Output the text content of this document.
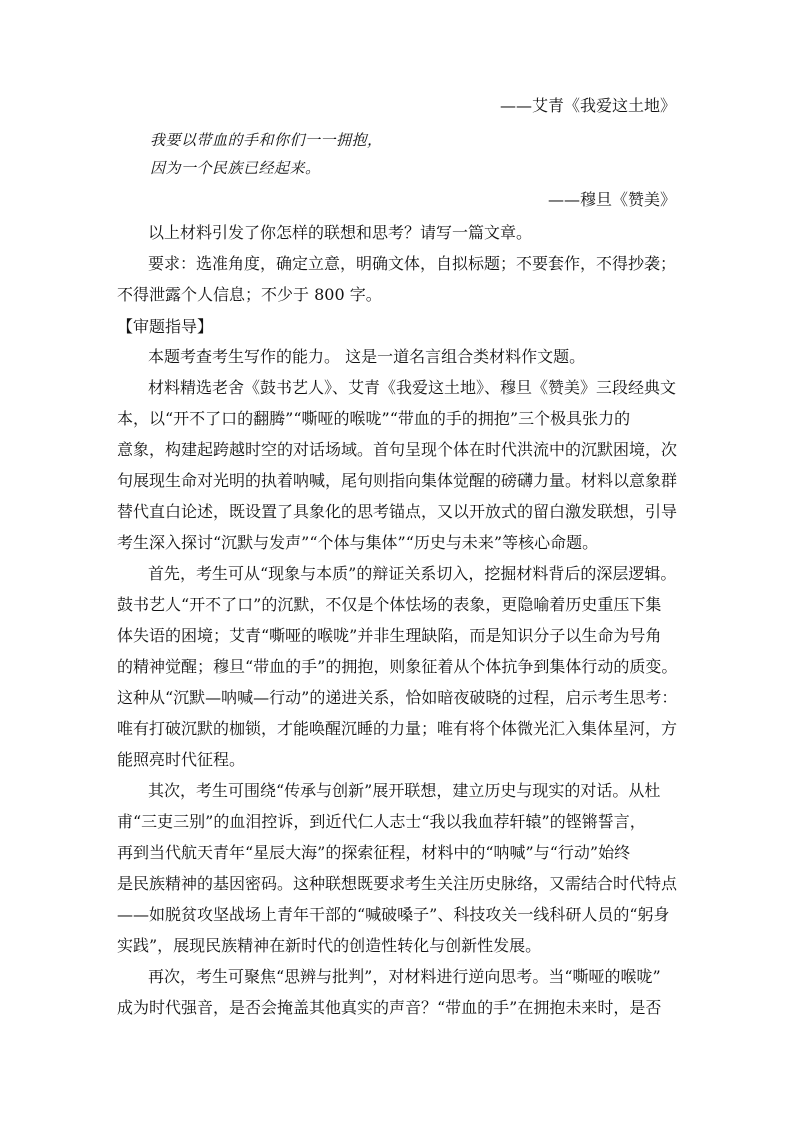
——艾青《我爱这土地》
我要以带血的手和你们一一拥抱，
因为一个民族已经起来。
——穆旦《赞美》
以上材料引发了你怎样的联想和思考？请写一篇文章。
要求：选准角度，确定立意，明确文体，自拟标题；不要套作，不得抄袭；
不得泄露个人信息；不少于 800 字。
【审题指导】
本题考查考生写作的能力。 这是一道名言组合类材料作文题。
材料精选老舍《鼓书艺人》、艾青《我爱这土地》、穆旦《赞美》三段经典文
本，以“开不了口的翻腾”“嘶哑的喉咙”“带血的手的拥抱”三个极具张力的
意象，构建起跨越时空的对话场域。首句呈现个体在时代洪流中的沉默困境，次
句展现生命对光明的执着呐喊，尾句则指向集体觉醒的磅礴力量。材料以意象群
替代直白论述，既设置了具象化的思考锚点，又以开放式的留白激发联想，引导
考生深入探讨“沉默与发声”“个体与集体”“历史与未来”等核心命题。
首先，考生可从“现象与本质”的辩证关系切入，挖掘材料背后的深层逻辑。
鼓书艺人“开不了口”的沉默，不仅是个体怯场的表象，更隐喻着历史重压下集
体失语的困境；艾青“嘶哑的喉咙”并非生理缺陷，而是知识分子以生命为号角
的精神觉醒；穆旦“带血的手”的拥抱，则象征着从个体抗争到集体行动的质变。
这种从“沉默—呐喊—行动”的递进关系，恰如暗夜破晓的过程，启示考生思考：
唯有打破沉默的枷锁，才能唤醒沉睡的力量；唯有将个体微光汇入集体星河，方
能照亮时代征程。
其次，考生可围绕“传承与创新”展开联想，建立历史与现实的对话。从杜
甫“三吏三别”的血泪控诉，到近代仁人志士“我以我血荐轩辕”的铿锵誓言，
再到当代航天青年“星辰大海”的探索征程，材料中的“呐喊”与“行动”始终
是民族精神的基因密码。这种联想既要求考生关注历史脉络，又需结合时代特点
——如脱贫攻坚战场上青年干部的“喊破嗓子”、科技攻关一线科研人员的“躬身
实践”，展现民族精神在新时代的创造性转化与创新性发展。
再次，考生可聚焦“思辨与批判”，对材料进行逆向思考。当“嘶哑的喉咙”
成为时代强音，是否会掩盖其他真实的声音？“带血的手”在拥抱未来时，是否
